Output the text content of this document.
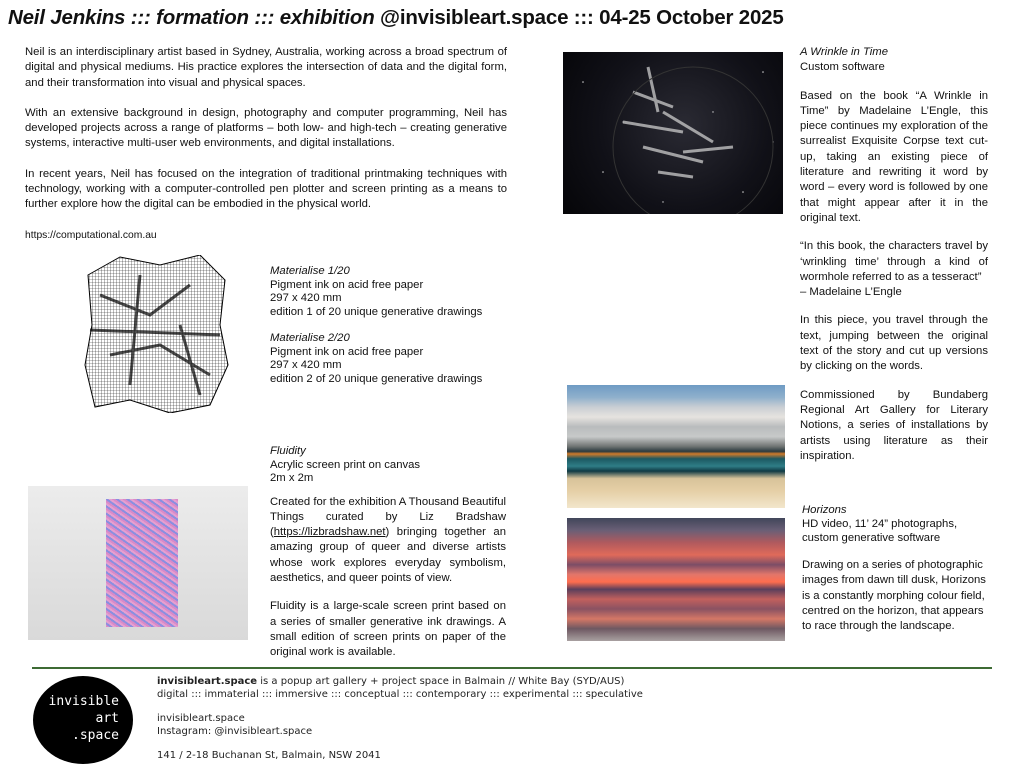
Neil Jenkins ::: formation ::: exhibition @invisibleart.space ::: 04-25 October 2025

Neil is an interdisciplinary artist based in Sydney, Australia, working across a broad spectrum of digital and physical mediums. His practice explores the intersection of data and the digital form, and their transformation into visual and physical spaces.

With an extensive background in design, photography and computer programming, Neil has developed projects across a range of platforms – both low- and high-tech – creating generative systems, interactive multi-user web environments, and digital installations.

In recent years, Neil has focused on the integration of traditional printmaking techniques with technology, working with a computer-controlled pen plotter and screen printing as a means to further explore how the digital can be embodied in the physical world.

https://computational.com.au
Materialise 1/20
Pigment ink on acid free paper
297 x 420 mm
edition 1 of 20 unique generative drawings
Materialise 2/20
Pigment ink on acid free paper
297 x 420 mm
edition 2 of 20 unique generative drawings
Fluidity
Acrylic screen print on canvas
2m x 2m

Created for the exhibition A Thousand Beautiful Things curated by Liz Bradshaw (https://lizbradshaw.net) bringing together an amazing group of queer and diverse artists whose work explores everyday symbolism, aesthetics, and queer points of view.

Fluidity is a large-scale screen print based on a series of smaller generative ink drawings. A small edition of screen prints on paper of the original work is available.

A Wrinkle in Time
Custom software

Based on the book “A Wrinkle in Time” by Madelaine L’Engle, this piece continues my exploration of the surrealist Exquisite Corpse text cut-up, taking an existing piece of literature and rewriting it word by word – every word is followed by one that might appear after it in the original text.

“In this book, the characters travel by ‘wrinkling time’ through a kind of wormhole referred to as a tesseract”
– Madelaine L’Engle

In this piece, you travel through the text, jumping between the original text of the story and cut up versions by clicking on the words.

Commissioned by Bundaberg Regional Art Gallery for Literary Notions, a series of installations by artists using literature as their inspiration.

Horizons
HD video, 11’ 24” photographs, custom generative software

Drawing on a series of photographic images from dawn till dusk, Horizons is a constantly morphing colour field, centred on the horizon, that appears to race through the landscape.

invisible
art
.space
invisibleart.space is a popup art gallery + project space in Balmain // White Bay (SYD/AUS)
digital ::: immaterial ::: immersive ::: conceptual ::: contemporary ::: experimental ::: speculative
invisibleart.space
Instagram: @invisibleart.space
141 / 2-18 Buchanan St, Balmain, NSW 2041
